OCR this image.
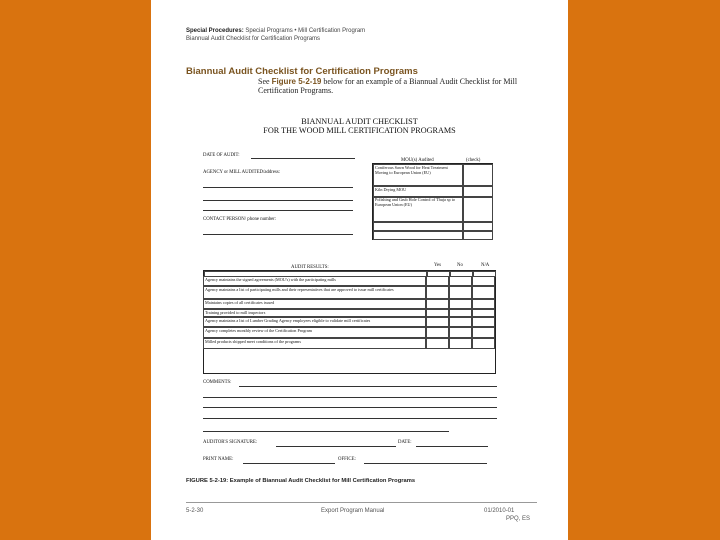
Special Procedures: Special Programs • Mill Certification Program
Biannual Audit Checklist for Certification Programs
Biannual Audit Checklist for Certification Programs
See Figure 5-2-19 below for an example of a Biannual Audit Checklist for Mill Certification Programs.
BIANNUAL AUDIT CHECKLIST
FOR THE WOOD MILL CERTIFICATION PROGRAMS
DATE OF AUDIT:
AGENCY or MILL AUDITED/address:
CONTACT PERSON/ phone number:
MOU(s) Audited	(check)
Coniferous Sawn Wood for Heat Treatment Moving to European Union (EU)
Kiln Drying MOU
Polishing and Grub Hole Control of Thuja sp to European Union (EU)
AUDIT RESULTS:	Yes	No	N/A
Agency maintains the signed agreements (MOU's) with the participating mills
Agency maintains a list of participating mills and their representatives that are approved to issue mill certificates
Maintains copies of all certificates issued
Training provided to mill inspectors
Agency maintains a list of Lumber Grading Agency employees eligible to validate mill certificates
Agency completes monthly review of the Certification Program
Milled products shipped meet conditions of the programs
COMMENTS:
AUDITOR'S SIGNATURE:	DATE:
PRINT NAME:	OFFICE:
FIGURE 5-2-19: Example of Biannual Audit Checklist for Mill Certification Programs
5-2-30	Export Program Manual	01/2010-01
PPQ, ES
